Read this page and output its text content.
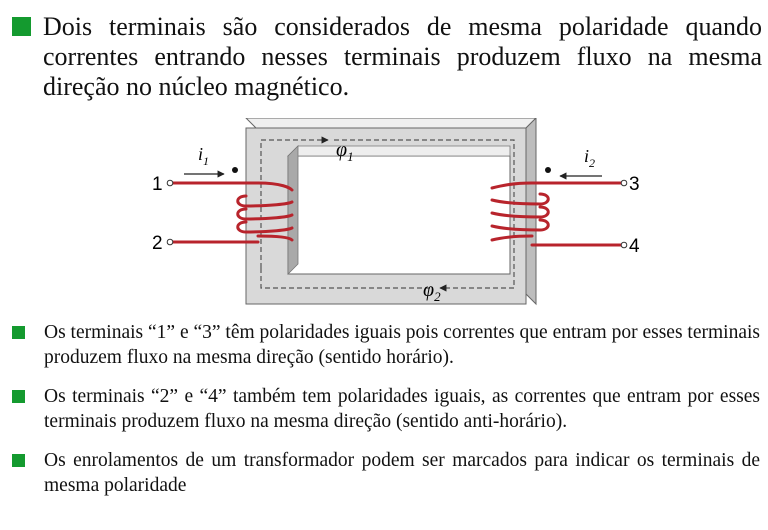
Dois terminais são considerados de mesma polaridade quando correntes entrando nesses terminais produzem fluxo na mesma direção no núcleo magnético.
$\varphi_1$
$\varphi_2$
1
2
3
4
$i_1$	$i_2$
Os terminais “1” e “3” têm polaridades iguais pois correntes que entram por esses terminais produzem fluxo na mesma direção (sentido horário).
Os terminais “2” e “4” também tem polaridades iguais, as correntes que entram por esses terminais produzem fluxo na mesma direção (sentido anti-horário).
Os enrolamentos de um transformador podem ser marcados para indicar os terminais de mesma polaridade
